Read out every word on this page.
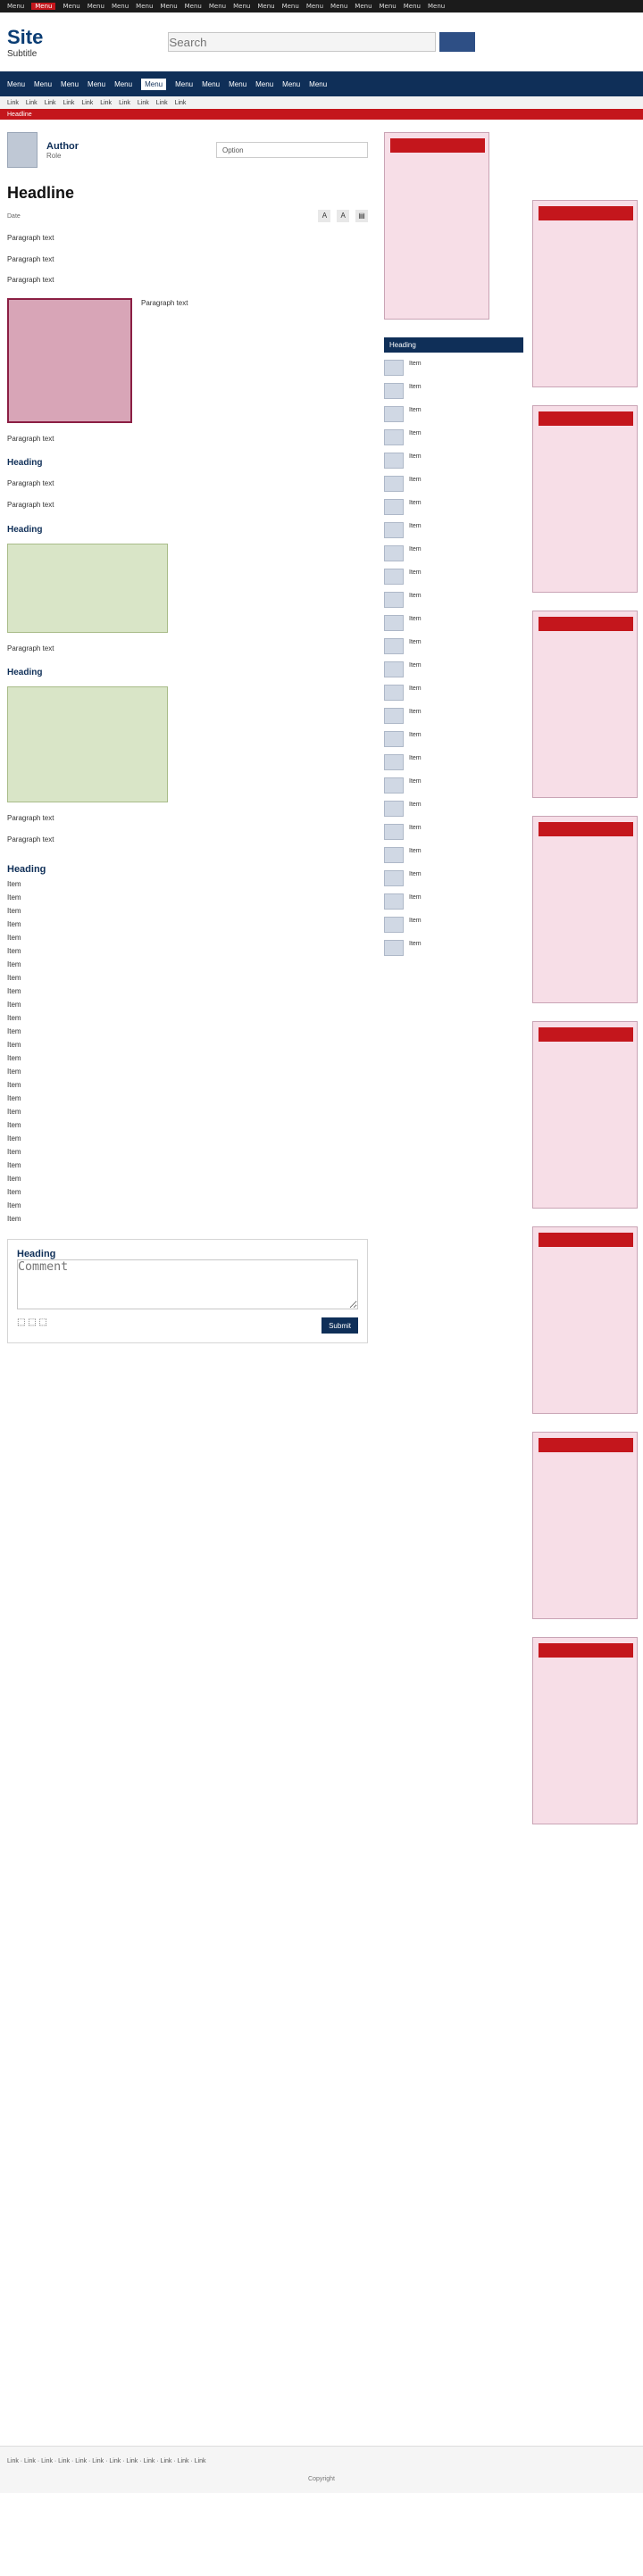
Menu	Menu	Menu Menu Menu Menu Menu Menu Menu Menu Menu Menu Menu Menu Menu Menu Menu Menu
Site
Subtitle
Search
Menu Menu Menu Menu Menu	Menu	Menu Menu Menu Menu Menu Menu
Link Link Link Link Link Link Link Link Link Link
Headline
Author
Role
Option
Headline
Date	A A ▤
Paragraph text
Paragraph text
Paragraph text
Paragraph text
Paragraph text
Heading
Paragraph text
Paragraph text
Heading
Paragraph text
Heading
Paragraph text
Paragraph text
Heading
Item
Item
Item
Item
Item
Item
Item
Item
Item
Item
Item
Item
Item
Item
Item
Item
Item
Item
Item
Item
Item
Item
Item
Item
Item
Item
Heading
Comment
⬚ ⬚ ⬚	Submit
Heading
Item
Item
Item
Item
Item
Item
Item
Item
Item
Item
Item
Item
Item
Item
Item
Item
Item
Item
Item
Item
Item
Item
Item
Item
Item
Item
Link · Link · Link · Link · Link · Link · Link · Link · Link · Link · Link · Link
Copyright
